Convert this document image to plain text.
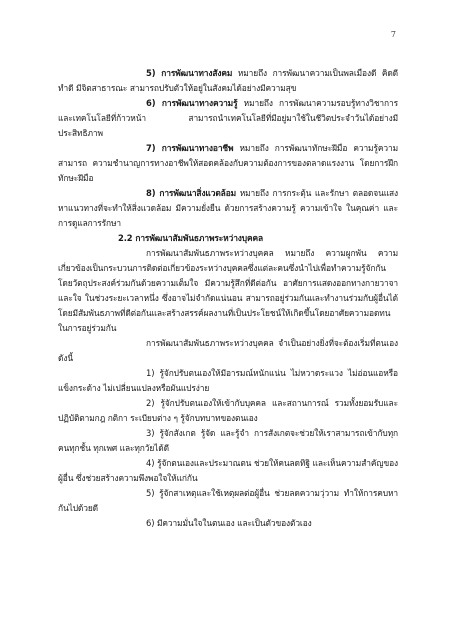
7

5) การพัฒนาทางสังคม หมายถึง การพัฒนาความเป็นพลเมืองดี คิดดี ทำดี มีจิตสาธารณะ สามารถปรับตัวให้อยู่ในสังคมได้อย่างมีความสุข

6) การพัฒนาทางความรู้ หมายถึง การพัฒนาความรอบรู้ทางวิชาการ และเทคโนโลยีที่ก้าวหน้า สามารถนำเทคโนโลยีที่มีอยู่มาใช้ในชีวิตประจำวันได้อย่างมีประสิทธิภาพ

7) การพัฒนาทางอาชีพ หมายถึง การพัฒนาทักษะฝีมือ ความรู้ความสามารถ ความชำนาญการทางอาชีพให้สอดคล้องกับความต้องการของตลาดแรงงาน โดยการฝึกทักษะฝีมือ

8) การพัฒนาสิ่งแวดล้อม หมายถึง การกระตุ้น และรักษา ตลอดจนแสงหาแนวทางที่จะทำให้สิ่งแวดล้อม มีความยั่งยืน ด้วยการสร้างความรู้ ความเข้าใจ ในคุณค่า และการดูแลการรักษา

2.2 การพัฒนาสัมพันธภาพระหว่างบุคคล

การพัฒนาสัมพันธภาพระหว่างบุคคล หมายถึง ความผูกพัน ความเกี่ยวข้องเป็นกระบวนการติดต่อเกี่ยวข้องระหว่างบุคคลซึ่งแต่ละคนซึ่งนำไปเพื่อทำความรู้จักกันโดยวัตถุประสงค์ร่วมกันด้วยความเต็มใจ มีความรู้สึกที่ดีต่อกัน อาศัยการแสดงออกทางกายวาจา และใจ ในช่วงระยะเวลาหนึ่ง ซึ่งอาจไม่จำกัดแน่นอน สามารถอยู่ร่วมกันและทำงานร่วมกับผู้อื่นได้ โดยมีสัมพันธภาพที่ดีต่อกันและสร้างสรรค์ผลงานที่เป็นประโยชน์ให้เกิดขึ้นโดยอาศัยความอดทนในการอยู่ร่วมกัน

การพัฒนาสัมพันธภาพระหว่างบุคคล จำเป็นอย่างยิ่งที่จะต้องเริ่มที่ตนเองดังนี้

1) รู้จักปรับตนเองให้มีอารมณ์หนักแน่น ไม่หวาดระแวง ไม่อ่อนแอหรือแข็งกระด้าง ไม่เปลี่ยนแปลงหรือผันแปรง่าย

2) รู้จักปรับตนเองให้เข้ากับบุคคล และสถานการณ์ รวมทั้งยอมรับและปฏิบัติตามกฎ กติกา ระเบียบต่าง ๆ รู้จักบทบาทของตนเอง

3) รู้จักสังเกต รู้จัด และรู้จำ การสังเกตจะช่วยให้เราสามารถเข้ากับทุกคนทุกชั้น ทุกเพศ และทุกวัยได้ดี

4) รู้จักตนเองและประมาณตน ช่วยให้คนลดทิฐิ และเห็นความสำคัญของผู้อื่น ซึ่งช่วยสร้างความพึงพอใจให้แก่กัน

5) รู้จักสาเหตุและใช้เหตุผลต่อผู้อื่น ช่วยลดความวุ่วาม ทำให้การคบหากันไปด้วยดี

6) มีความมั่นใจในตนเอง และเป็นตัวของตัวเอง
